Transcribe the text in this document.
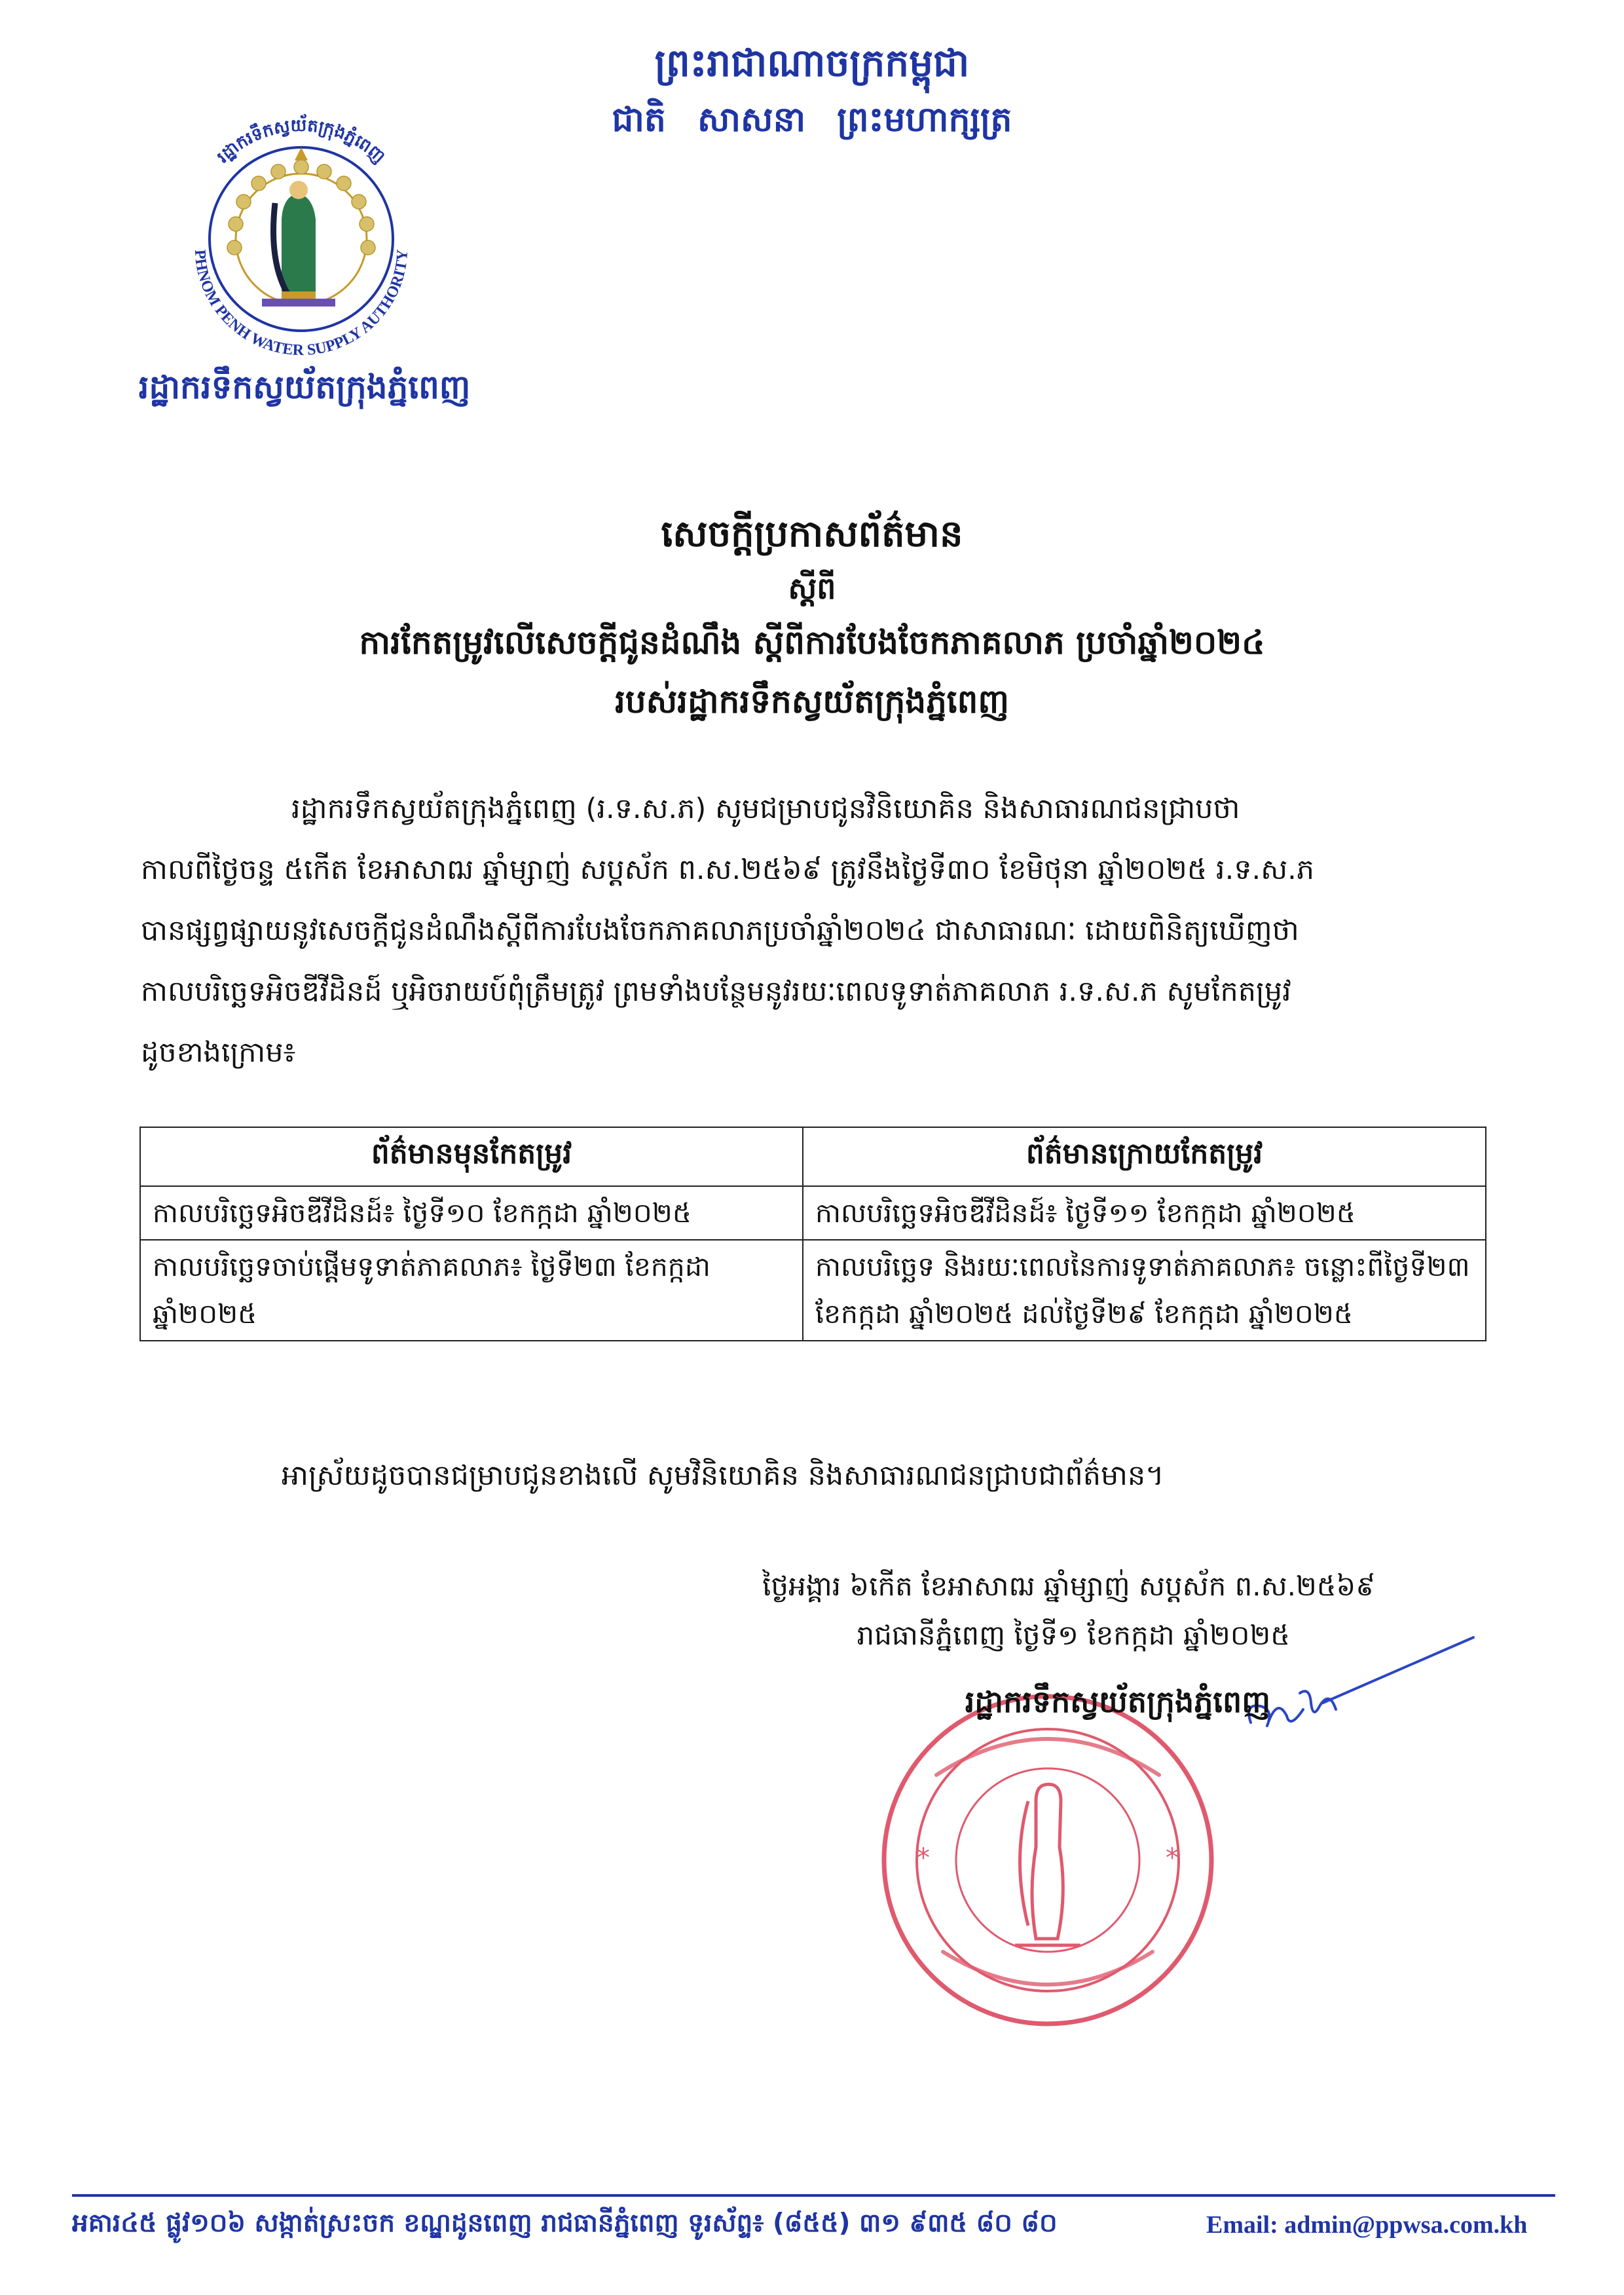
ព្រះរាជាណាចក្រកម្ពុជា
ជាតិ សាសនា ព្រះមហាក្សត្រ
PHNOM PENH WATER SUPPLY AUTHORITY
រដ្ឋាករទឹកស្វយ័តក្រុងភ្នំពេញ
រដ្ឋាករទឹកស្វយ័តក្រុងភ្នំពេញ
សេចក្តីប្រកាសព័ត៌មាន
ស្តីពី
ការកែតម្រូវលើសេចក្តីជូនដំណឹង ស្តីពីការបែងចែកភាគលាភ ប្រចាំឆ្នាំ២០២៤
របស់រដ្ឋាករទឹកស្វយ័តក្រុងភ្នំពេញ
រដ្ឋាករទឹកស្វយ័តក្រុងភ្នំពេញ (រ.ទ.ស.ភ) សូមជម្រាបជូនវិនិយោគិន និងសាធារណជនជ្រាបថា
កាលពីថ្ងៃចន្ទ ៥កើត ខែអាសាឍ ឆ្នាំម្សាញ់ សប្តស័ក ព.ស.២៥៦៩ ត្រូវនឹងថ្ងៃទី៣០ ខែមិថុនា ឆ្នាំ២០២៥ រ.ទ.ស.ភ
បានផ្សព្វផ្សាយនូវសេចក្តីជូនដំណឹងស្តីពីការបែងចែកភាគលាភប្រចាំឆ្នាំ២០២៤ ជាសាធារណៈ ដោយពិនិត្យឃើញថា
កាលបរិច្ឆេទអិចឌីវីដិនដ៍ ឬអិចរាយប៍ពុំត្រឹមត្រូវ ព្រមទាំងបន្ថែមនូវរយៈពេលទូទាត់ភាគលាភ រ.ទ.ស.ភ សូមកែតម្រូវ
ដូចខាងក្រោម៖
ព័ត៌មានមុនកែតម្រូវ	ព័ត៌មានក្រោយកែតម្រូវ
កាលបរិច្ឆេទអិចឌីវីដិនដ៍៖ ថ្ងៃទី១០ ខែកក្កដា ឆ្នាំ២០២៥	កាលបរិច្ឆេទអិចឌីវីដិនដ៍៖ ថ្ងៃទី១១ ខែកក្កដា ឆ្នាំ២០២៥
កាលបរិច្ឆេទចាប់ផ្តើមទូទាត់ភាគលាភ៖ ថ្ងៃទី២៣ ខែកក្កដា ឆ្នាំ២០២៥	កាលបរិច្ឆេទ និងរយៈពេលនៃការទូទាត់ភាគលាភ៖ ចន្លោះពីថ្ងៃទី២៣ ខែកក្កដា ឆ្នាំ២០២៥ ដល់ថ្ងៃទី២៩ ខែកក្កដា ឆ្នាំ២០២៥
អាស្រ័យដូចបានជម្រាបជូនខាងលើ សូមវិនិយោគិន និងសាធារណជនជ្រាបជាព័ត៌មាន។
*	*
ថ្ងៃអង្គារ ៦កើត ខែអាសាឍ ឆ្នាំម្សាញ់ សប្តស័ក ព.ស.២៥៦៩
រាជធានីភ្នំពេញ ថ្ងៃទី១ ខែកក្កដា ឆ្នាំ២០២៥
រដ្ឋាករទឹកស្វយ័តក្រុងភ្នំពេញ
អគារ៤៥ ផ្លូវ១០៦ សង្កាត់ស្រះចក ខណ្ឌដូនពេញ រាជធានីភ្នំពេញ ទូរស័ព្ទ៖ (៨៥៥) ៣១ ៩៣៥ ៨០ ៨០	Email: admin@ppwsa.com.kh
